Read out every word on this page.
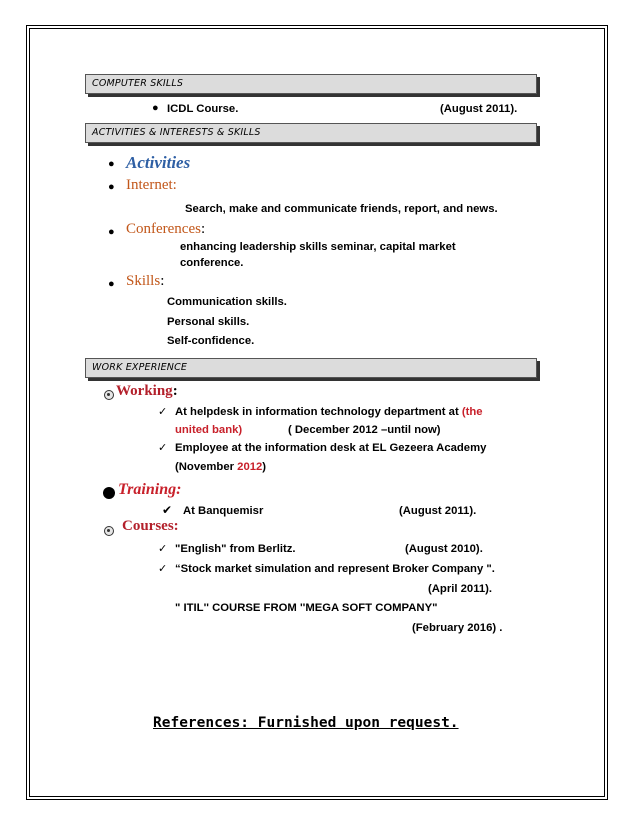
COMPUTER SKILLS
● ICDL Course.	(August 2011).
ACTIVITIES & INTERESTS & SKILLS
● Activities
● Internet:
Search, make and communicate friends, report, and news.
● Conferences:
enhancing leadership skills seminar, capital market
conference.
● Skills:
Communication skills.
Personal skills.
Self-confidence.
WORK EXPERIENCE
Working:
✓ At helpdesk in information technology department at (the
united bank)	( December 2012 –until now)
✓ Employee at the information desk at EL Gezeera Academy
(November 2012)
Training:
✔ At Banquemisr	(August 2011).
Courses:
✓ "English" from Berlitz.	(August 2010).
✓ “Stock market simulation and represent Broker Company ".
(April 2011).
" ITIL'' COURSE FROM ''MEGA SOFT COMPANY"
(February 2016) .
References: Furnished upon request.
